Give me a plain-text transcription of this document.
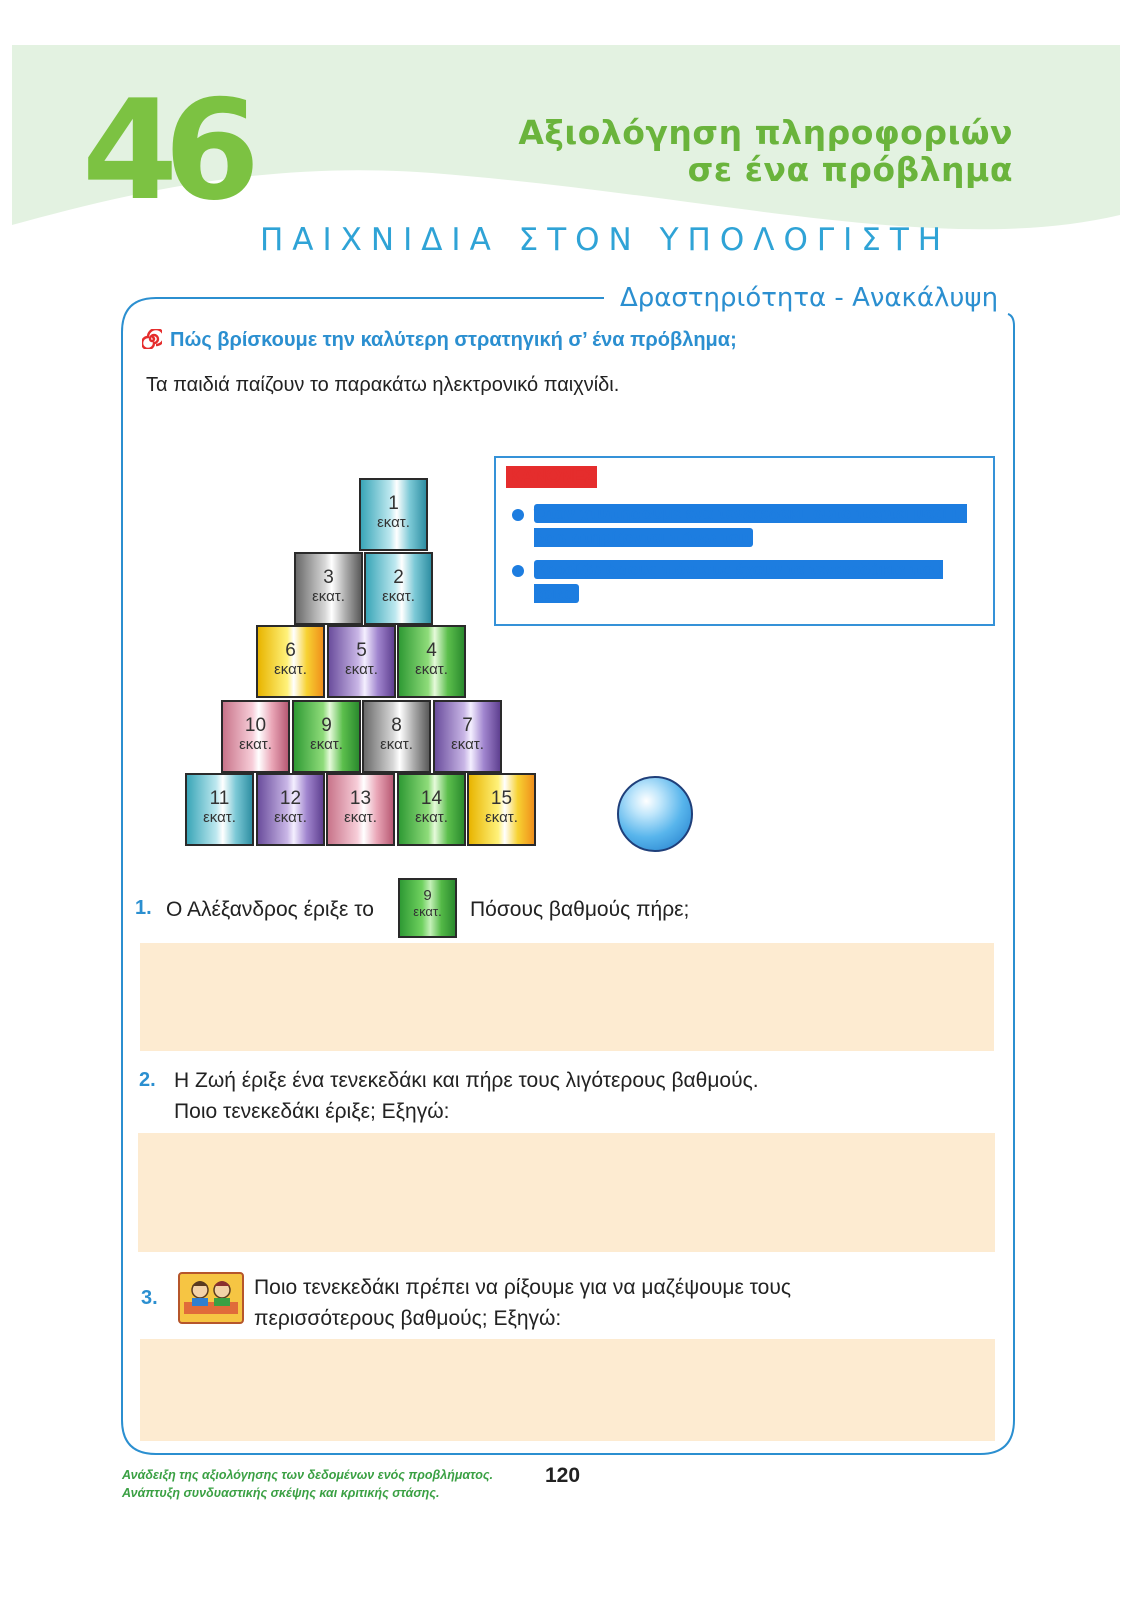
46	Αξιολόγηση πληροφοριών
σε ένα πρόβλημα
ΠΑΙΧΝΙΔΙΑ ΣΤΟΝ ΥΠΟΛΟΓΙΣΤΗ
Δραστηριότητα - Ανακάλυψη
Πώς βρίσκουμε την καλύτερη στρατηγική σ’ ένα πρόβλημα;
Τα παιδιά παίζουν το παρακάτω ηλεκτρονικό παιχνίδι.
1
εκατ.
3
εκατ.
2
εκατ.
6
εκατ.
5
εκατ.
4
εκατ.
10
εκατ.
9
εκατ.
8
εκατ.
7
εκατ.
11
εκατ.
12
εκατ.
13
εκατ.
14
εκατ.
15
εκατ.
ΚΑΝΟΝΕΣ
Όταν χτυπήσουμε ένα τενεκεδάκι, αυτό πέφτει μαζί μ’ όσα στηρίζονται πάνω του.
Κερδίζω όσους πόντους έχουν τα τενεκεδάκια που έριξα.
1. Ο Αλέξανδρος έριξε το
9
εκατ.	Πόσους βαθμούς πήρε;
2. Η Ζωή έριξε ένα τενεκεδάκι και πήρε τους λιγότερους βαθμούς.
Ποιο τενεκεδάκι έριξε; Εξηγώ:
3.	Ποιο τενεκεδάκι πρέπει να ρίξουμε για να μαζέψουμε τους
περισσότερους βαθμούς; Εξηγώ:
Ανάδειξη της αξιολόγησης των δεδομένων ενός προβλήματος.
Ανάπτυξη συνδυαστικής σκέψης και κριτικής στάσης.
120
